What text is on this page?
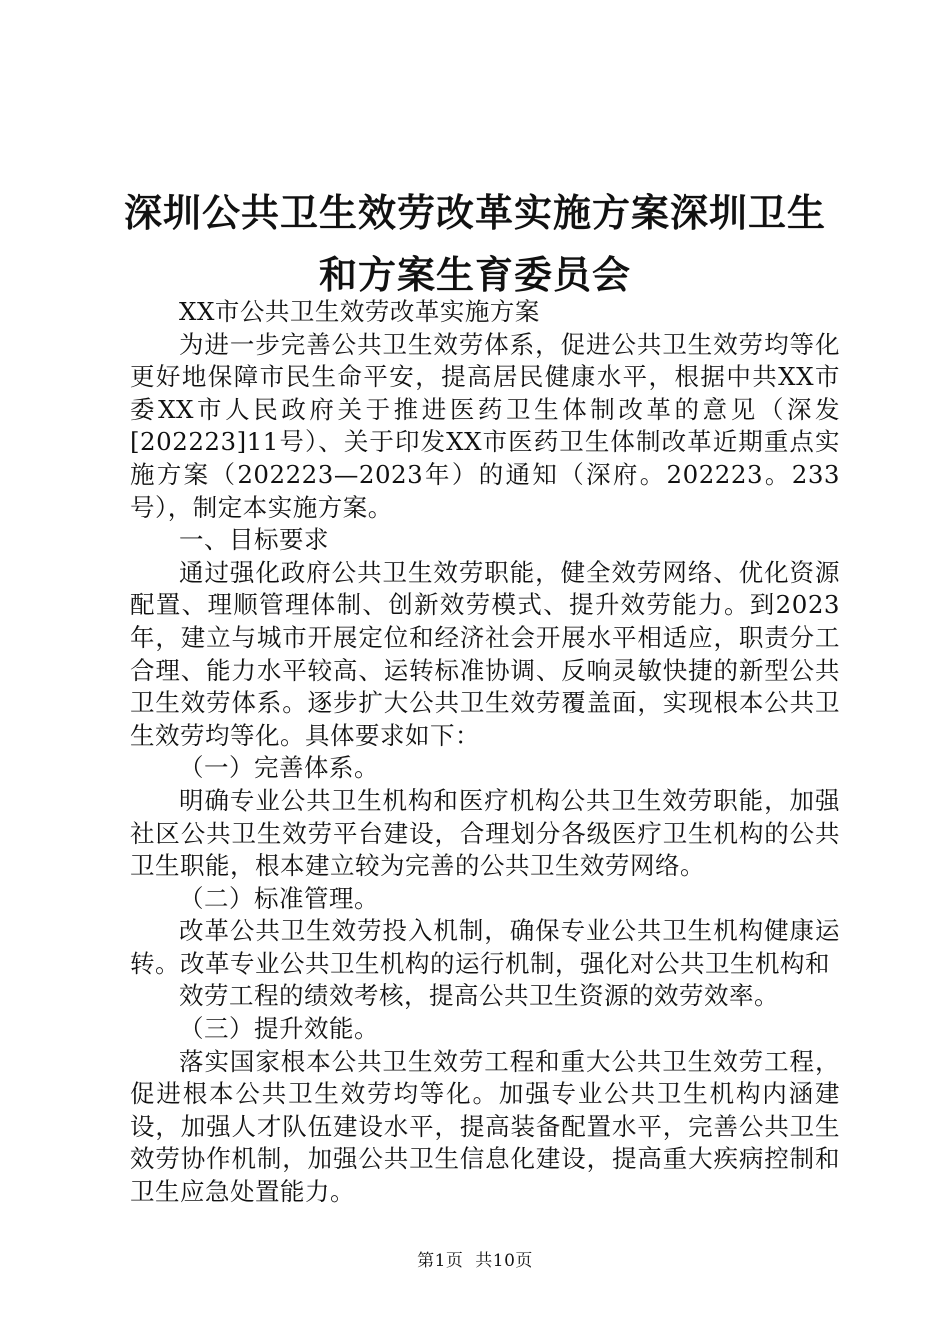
深圳公共卫生效劳改革实施方案深圳卫生和方案生育委员会

XX市公共卫生效劳改革实施方案

为进一步完善公共卫生效劳体系，促进公共卫生效劳均等化更好地保障市民生命平安，提高居民健康水平，根据中共XX市委XX市人民政府关于推进医药卫生体制改革的意见（深发[202223]11号）、关于印发XX市医药卫生体制改革近期重点实施方案（202223—2023年）的通知（深府。202223。233号），制定本实施方案。

一、目标要求

通过强化政府公共卫生效劳职能，健全效劳网络、优化资源配置、理顺管理体制、创新效劳模式、提升效劳能力。到2023年，建立与城市开展定位和经济社会开展水平相适应，职责分工合理、能力水平较高、运转标准协调、反响灵敏快捷的新型公共卫生效劳体系。逐步扩大公共卫生效劳覆盖面，实现根本公共卫生效劳均等化。具体要求如下：

（一）完善体系。

明确专业公共卫生机构和医疗机构公共卫生效劳职能，加强社区公共卫生效劳平台建设，合理划分各级医疗卫生机构的公共卫生职能，根本建立较为完善的公共卫生效劳网络。

（二）标准管理。

改革公共卫生效劳投入机制，确保专业公共卫生机构健康运转。改革专业公共卫生机构的运行机制，强化对公共卫生机构和

效劳工程的绩效考核，提高公共卫生资源的效劳效率。

（三）提升效能。

落实国家根本公共卫生效劳工程和重大公共卫生效劳工程，促进根本公共卫生效劳均等化。加强专业公共卫生机构内涵建设，加强人才队伍建设水平，提高装备配置水平，完善公共卫生效劳协作机制，加强公共卫生信息化建设，提高重大疾病控制和卫生应急处置能力。

第1页 共10页
